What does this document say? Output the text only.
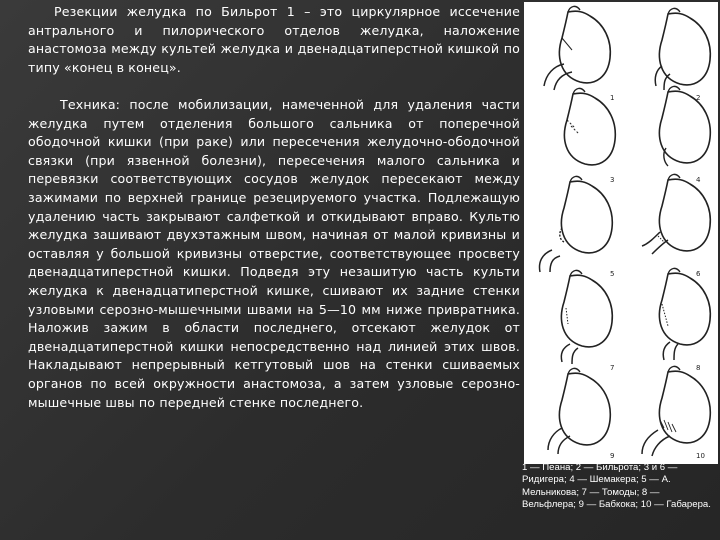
Резекции желудка по Бильрот 1 – это циркулярное иссечение антрального и пилорического отделов желудка, наложение анастомоза между культей желудка и двенадцатиперстной кишкой по типу «конец в конец».
Техника: после мобилизации, намеченной для удаления части желудка путем отделения большого сальника от поперечной ободочной кишки (при раке) или пересечения желудочно-ободочной связки (при язвенной болезни), пересечения малого сальника и перевязки соответствующих сосудов желудок пересекают между зажимами по верхней границе резецируемого участка. Подлежащую удалению часть закрывают салфеткой и откидывают вправо. Культю желудка зашивают двухэтажным швом, начиная от малой кривизны и оставляя у большой кривизны отверстие, соответствующее просвету двенадцатиперстной кишки. Подведя эту незашитую часть культи желудка к двенадцатиперстной кишке, сшивают их задние стенки узловыми серозно-мышечными швами на 5—10 мм ниже привратника. Наложив зажим в области последнего, отсекают желудок от двенадцатиперстной кишки непосредственно над линией этих швов. Накладывают непрерывный кетгутовый шов на стенки сшиваемых органов по всей окружности анастомоза, а затем узловые серозно-мышечные швы по передней стенке последнего.
1	2
3	4
5	6
7	8
9	10
1 — Пеана; 2 — Бильрота; 3 и 6 — Ридигера; 4 — Шемакера; 5 — А. Мельникова; 7 — Томоды; 8 — Вельфлера; 9 — Бабкока; 10 — Габарера.
